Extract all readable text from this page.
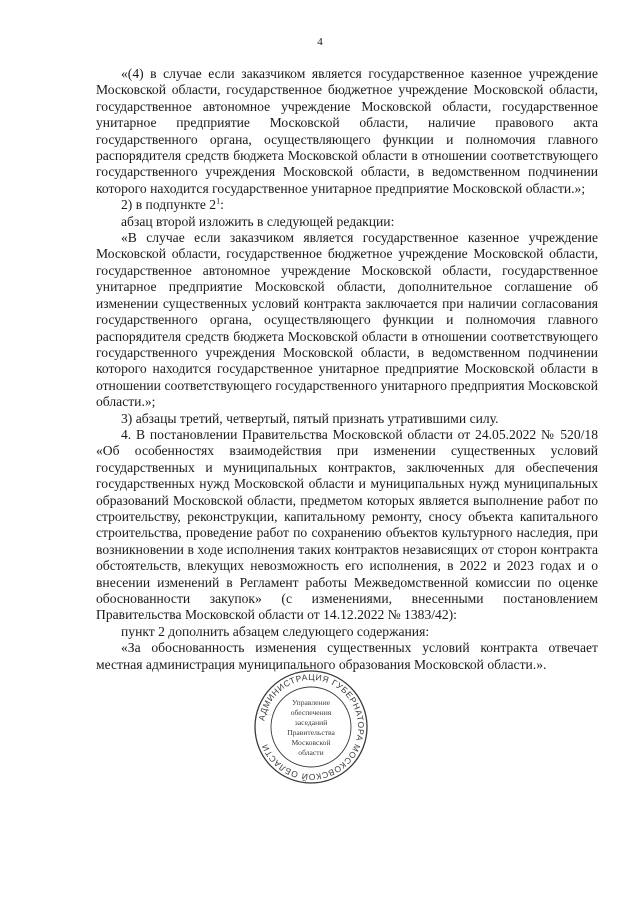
4

«(4) в случае если заказчиком является государственное казенное учреждение Московской области, государственное бюджетное учреждение Московской области, государственное автономное учреждение Московской области, государственное унитарное предприятие Московской области, наличие правового акта государственного органа, осуществляющего функции и полномочия главного распорядителя средств бюджета Московской области в отношении соответствующего государственного учреждения Московской области, в ведомственном подчинении которого находится государственное унитарное предприятие Московской области.»;

2) в подпункте $2^1$:

абзац второй изложить в следующей редакции:

«В случае если заказчиком является государственное казенное учреждение Московской области, государственное бюджетное учреждение Московской области, государственное автономное учреждение Московской области, государственное унитарное предприятие Московской области, дополнительное соглашение об изменении существенных условий контракта заключается при наличии согласования государственного органа, осуществляющего функции и полномочия главного распорядителя средств бюджета Московской области в отношении соответствующего государственного учреждения Московской области, в ведомственном подчинении которого находится государственное унитарное предприятие Московской области в отношении соответствующего государственного унитарного предприятия Московской области.»;

3) абзацы третий, четвертый, пятый признать утратившими силу.

4. В постановлении Правительства Московской области от 24.05.2022 № 520/18 «Об особенностях взаимодействия при изменении существенных условий государственных и муниципальных контрактов, заключенных для обеспечения государственных нужд Московской области и муниципальных нужд муниципальных образований Московской области, предметом которых является выполнение работ по строительству, реконструкции, капитальному ремонту, сносу объекта капитального строительства, проведение работ по сохранению объектов культурного наследия, при возникновении в ходе исполнения таких контрактов независящих от сторон контракта обстоятельств, влекущих невозможность его исполнения, в 2022 и 2023 годах и о внесении изменений в Регламент работы Межведомственной комиссии по оценке обоснованности закупок» (с изменениями, внесенными постановлением Правительства Московской области от 14.12.2022 № 1383/42):

пункт 2 дополнить абзацем следующего содержания:

«За обоснованность изменения существенных условий контракта отвечает местная администрация муниципального образования Московской области.».

АДМИНИСТРАЦИЯ ГУБЕРНАТОРА МОСКОВСКОЙ ОБЛАСТИ
Управление
обеспечения
заседаний
Правительства
Московской
области
